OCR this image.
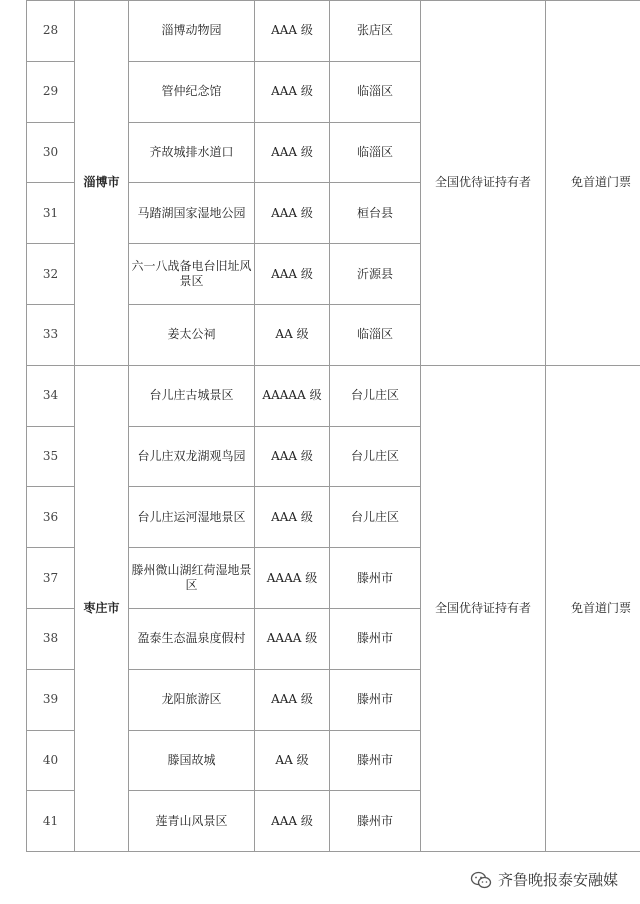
28	淄博市	淄博动物园	AAA 级	张店区	全国优待证持有者	免首道门票
29		管仲纪念馆	AAA 级	临淄区		
30		齐故城排水道口	AAA 级	临淄区		
31		马踏湖国家湿地公园	AAA 级	桓台县		
32		六一八战备电台旧址风景区	AAA 级	沂源县		
33		姜太公祠	AA 级	临淄区		
34	枣庄市	台儿庄古城景区	AAAAA 级	台儿庄区	全国优待证持有者	免首道门票
35		台儿庄双龙湖观鸟园	AAA 级	台儿庄区		
36		台儿庄运河湿地景区	AAA 级	台儿庄区		
37		滕州微山湖红荷湿地景区	AAAA 级	滕州市		
38		盈泰生态温泉度假村	AAAA 级	滕州市		
39		龙阳旅游区	AAA 级	滕州市		
40		滕国故城	AA 级	滕州市		
41		莲青山风景区	AAA 级	滕州市		
齐鲁晚报泰安融媒
